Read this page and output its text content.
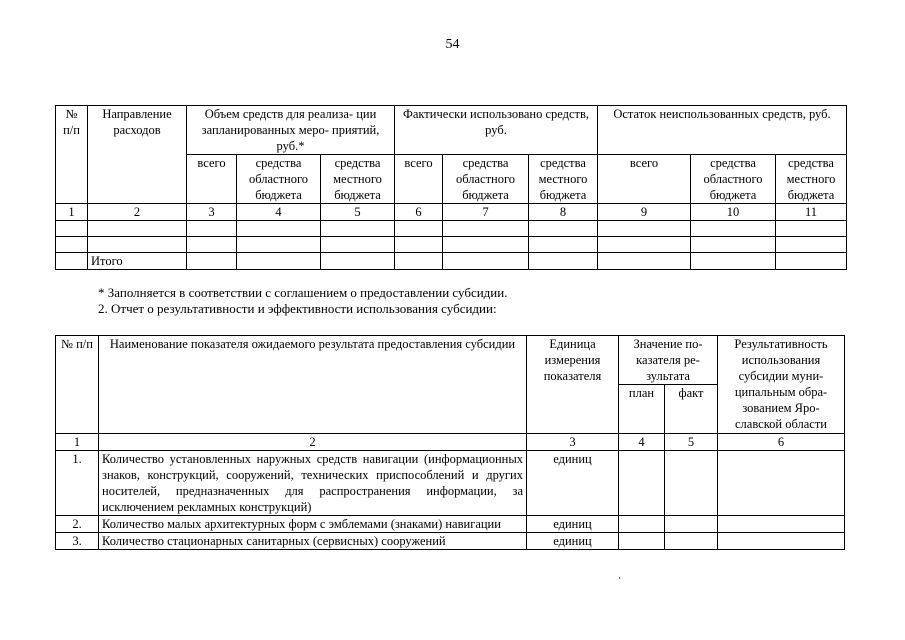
54
№ п/п	Направление расходов	Объем средств для реализа- ции запланированных меро- приятий, руб.*			Фактически использовано средств, руб.			Остаток неиспользованных средств, руб.		
		всего	средства областного бюджета	средства местного бюджета	всего	средства областного бюджета	средства местного бюджета	всего	средства областного бюджета	средства местного бюджета
1	2	3	4	5	6	7	8	9	10	11

	Итого									
* Заполняется в соответствии с соглашением о предоставлении субсидии.
2. Отчет о результативности и эффективности использования субсидии:
№ п/п	Наименование показателя ожидаемого результата предоставления субсидии	Единица измерения показателя	Значение по- казателя ре- зультата		Результативность использования субсидии муни- ципальным обра- зованием Яро- славской области
			план	факт	
1	2	3	4	5	6
1.	Количество установленных наружных средств навигации (информационных знаков, конструкций, сооружений, технических приспособлений и других носителей, предназначенных для распространения информации, за исключением рекламных конструкций)	единиц			
2.	Количество малых архитектурных форм с эмблемами (знаками) навигации	единиц			
3.	Количество стационарных санитарных (сервисных) сооружений	единиц			
